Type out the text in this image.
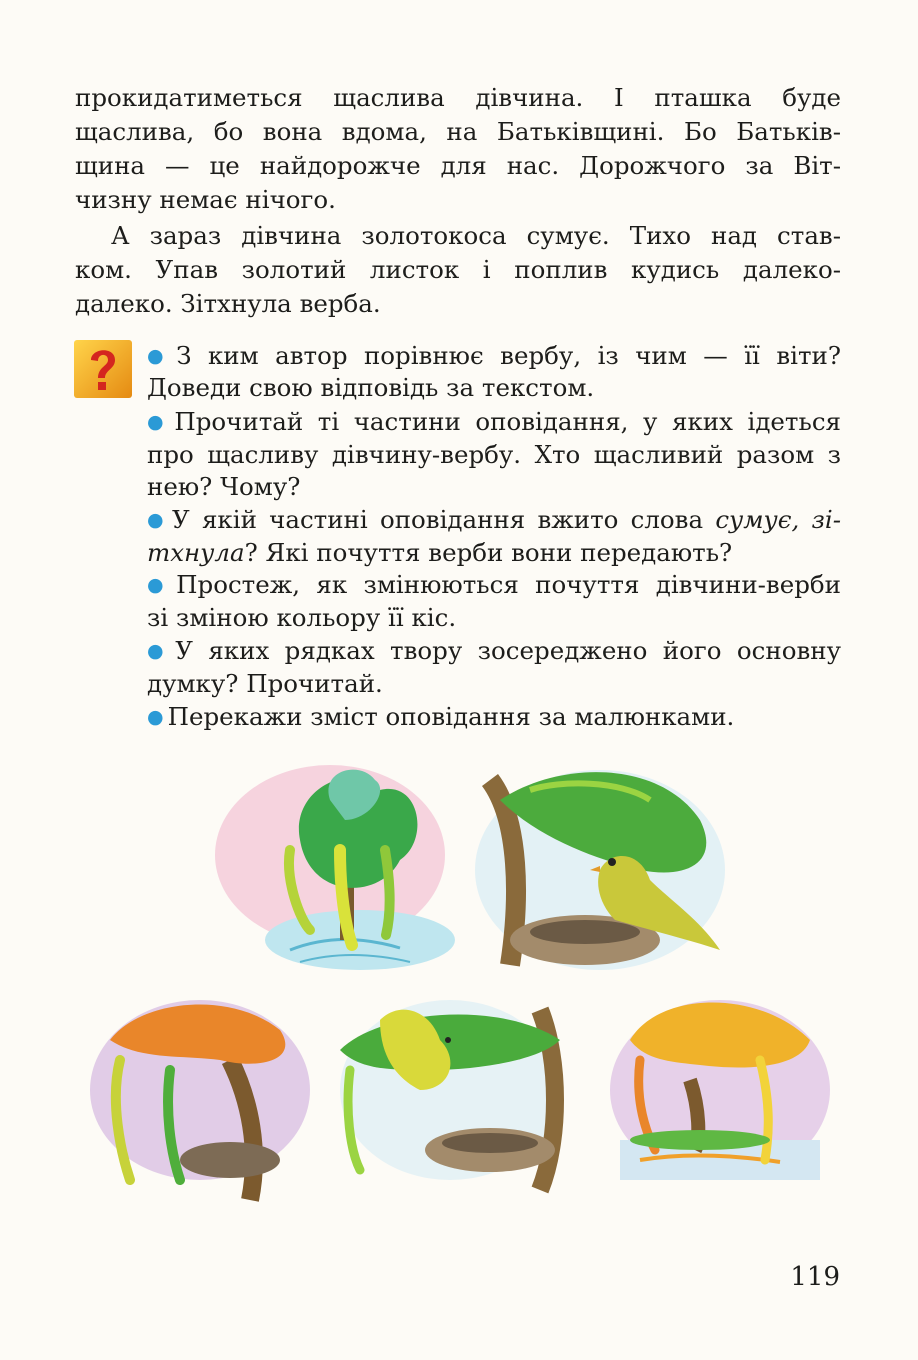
прокидатиметься щаслива дівчина. І пташка буде
щаслива, бо вона вдома, на Батьківщині. Бо Батьків-
щина — це найдорожче для нас. Дорожчого за Віт-
чизну немає нічого.
А зараз дівчина золотокоса сумує. Тихо над став-
ком. Упав золотий листок і поплив кудись далеко-
далеко. Зітхнула верба.
● З ким автор порівнює вербу, із чим — її віти?
Доведи свою відповідь за текстом.
● Прочитай ті частини оповідання, у яких ідеться
про щасливу дівчину-вербу. Хто щасливий разом з
нею? Чому?
● У якій частині оповідання вжито слова сумує, зі-
тхнула? Які почуття верби вони передають?
● Простеж, як змінюються почуття дівчини-верби
зі зміною кольору її кіс.
● У яких рядках твору зосереджено його основну
думку? Прочитай.
● Перекажи зміст оповідання за малюнками.
119
